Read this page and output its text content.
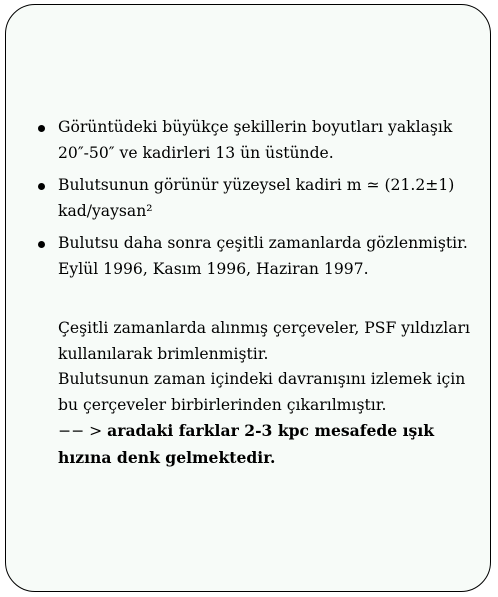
Görüntüdeki büyükçe şekillerin boyutları yaklaşık
20″-50″ ve kadirleri 13 ün üstünde.
Bulutsunun görünür yüzeysel kadiri m ≃ (21.2±1)
kad/yaysan²
Bulutsu daha sonra çeşitli zamanlarda gözlenmiştir.
Eylül 1996, Kasım 1996, Haziran 1997.
Çeşitli zamanlarda alınmış çerçeveler, PSF yıldızları
kullanılarak brimlenmiştir.
Bulutsunun zaman içindeki davranışını izlemek için
bu çerçeveler birbirlerinden çıkarılmıştır.
−− > aradaki farklar 2-3 kpc mesafede ışık
hızına denk gelmektedir.
